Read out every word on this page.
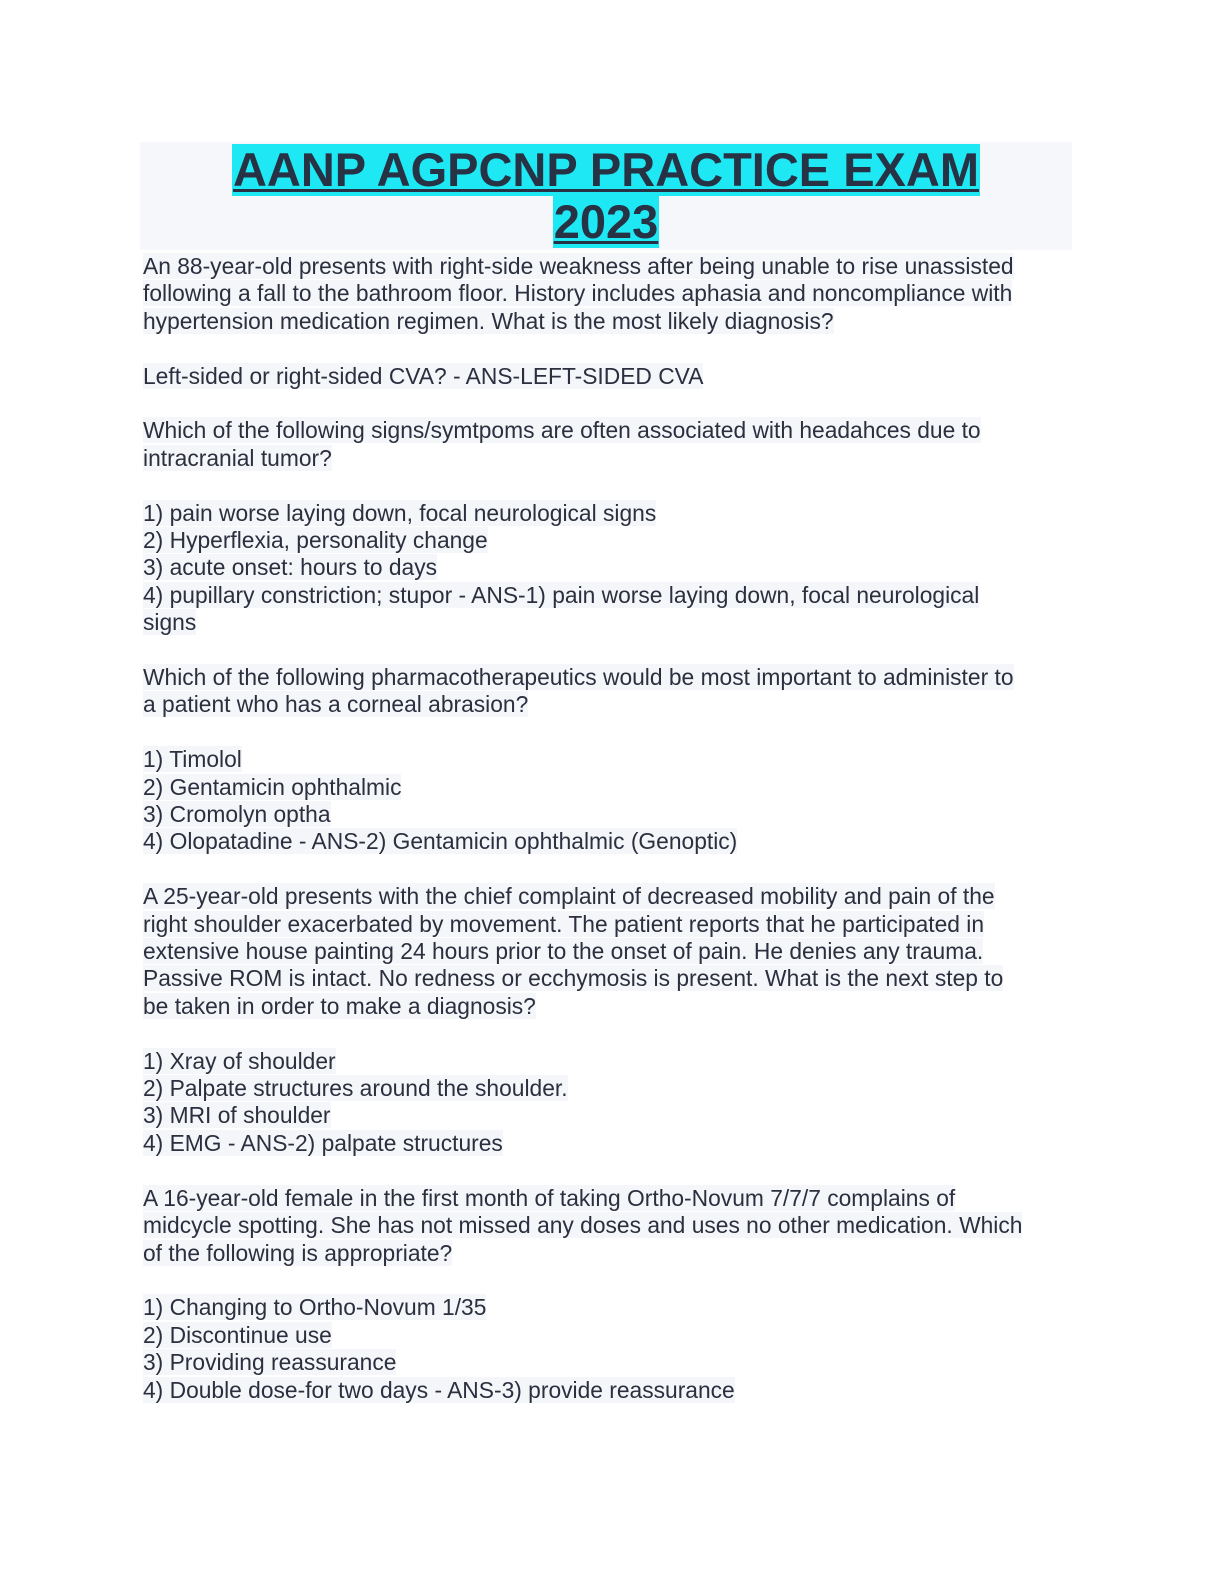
AANP AGPCNP PRACTICE EXAM
2023
An 88-year-old presents with right-side weakness after being unable to rise unassisted
following a fall to the bathroom floor. History includes aphasia and noncompliance with
hypertension medication regimen. What is the most likely diagnosis?
Left-sided or right-sided CVA? - ANS-LEFT-SIDED CVA
Which of the following signs/symtpoms are often associated with headahces due to
intracranial tumor?
1) pain worse laying down, focal neurological signs
2) Hyperflexia, personality change
3) acute onset: hours to days
4) pupillary constriction; stupor - ANS-1) pain worse laying down, focal neurological
signs
Which of the following pharmacotherapeutics would be most important to administer to
a patient who has a corneal abrasion?
1) Timolol
2) Gentamicin ophthalmic
3) Cromolyn optha
4) Olopatadine - ANS-2) Gentamicin ophthalmic (Genoptic)
A 25-year-old presents with the chief complaint of decreased mobility and pain of the
right shoulder exacerbated by movement. The patient reports that he participated in
extensive house painting 24 hours prior to the onset of pain. He denies any trauma.
Passive ROM is intact. No redness or ecchymosis is present. What is the next step to
be taken in order to make a diagnosis?
1) Xray of shoulder
2) Palpate structures around the shoulder.
3) MRI of shoulder
4) EMG - ANS-2) palpate structures
A 16-year-old female in the first month of taking Ortho-Novum 7/7/7 complains of
midcycle spotting. She has not missed any doses and uses no other medication. Which
of the following is appropriate?
1) Changing to Ortho-Novum 1/35
2) Discontinue use
3) Providing reassurance
4) Double dose-for two days - ANS-3) provide reassurance
